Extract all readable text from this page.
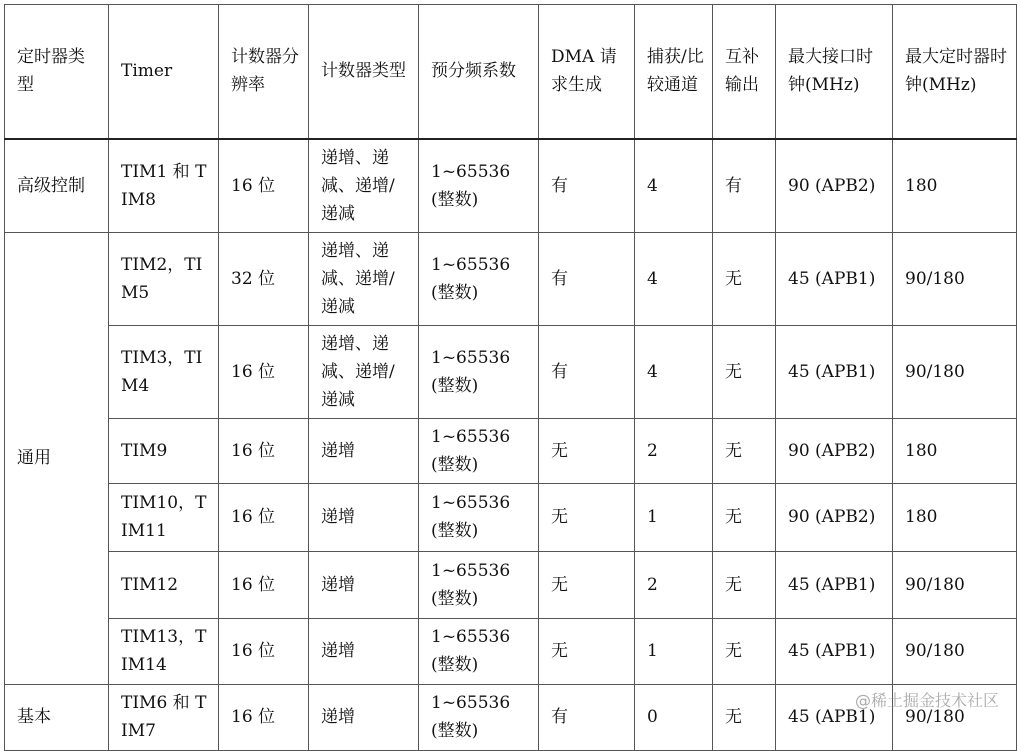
定时器类型	Timer	计数器分辨率	计数器类型	预分频系数	DMA 请求生成	捕获/比较通道	互补输出	最大接口时钟(MHz)	最大定时器时钟(MHz)
高级控制	TIM1 和 TIM8	16 位	递增、递减、递增/递减	1~65536(整数)	有	4	有	90 (APB2)	180
通用	TIM2，TIM5	32 位	递增、递减、递增/递减	1~65536(整数)	有	4	无	45 (APB1)	90/180
	TIM3，TIM4	16 位	递增、递减、递增/递减	1~65536(整数)	有	4	无	45 (APB1)	90/180
	TIM9	16 位	递增	1~65536(整数)	无	2	无	90 (APB2)	180
	TIM10，TIM11	16 位	递增	1~65536(整数)	无	1	无	90 (APB2)	180
	TIM12	16 位	递增	1~65536(整数)	无	2	无	45 (APB1)	90/180
	TIM13，TIM14	16 位	递增	1~65536(整数)	无	1	无	45 (APB1)	90/180
基本	TIM6 和 TIM7	16 位	递增	1~65536(整数)	有	0	无	45 (APB1)	90/180
@稀土掘金技术社区
